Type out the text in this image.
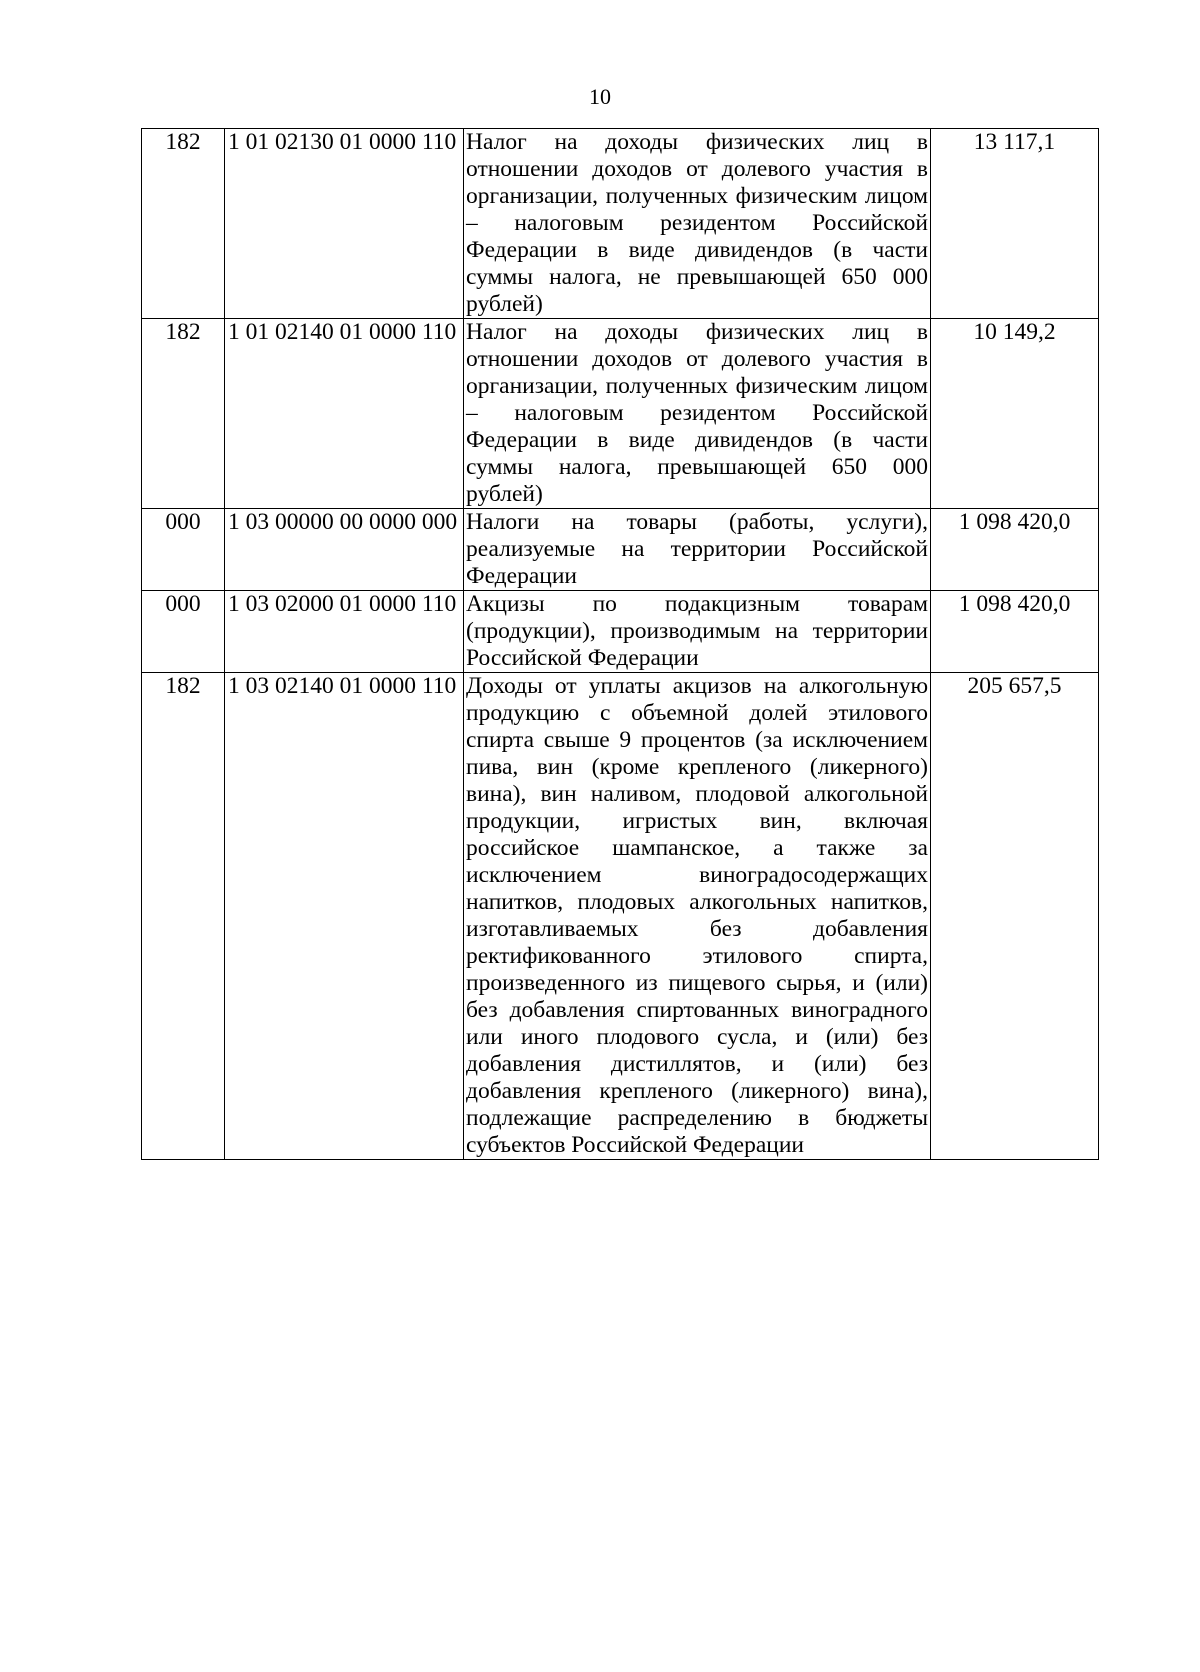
10
182	1 01 02130 01 0000 110	Налог на доходы физических лиц в отношении доходов от долевого участия в организации, полученных физическим лицом – налоговым резидентом Российской Федерации в виде дивидендов (в части суммы налога, не превышающей 650 000 рублей)	13 117,1
182	1 01 02140 01 0000 110	Налог на доходы физических лиц в отношении доходов от долевого участия в организации, полученных физическим лицом – налоговым резидентом Российской Федерации в виде дивидендов (в части суммы налога, превышающей 650 000 рублей)	10 149,2
000	1 03 00000 00 0000 000	Налоги на товары (работы, услуги), реализуемые на территории Российской Федерации	1 098 420,0
000	1 03 02000 01 0000 110	Акцизы по подакцизным товарам (продукции), производимым на территории Российской Федерации	1 098 420,0
182	1 03 02140 01 0000 110	Доходы от уплаты акцизов на алкогольную продукцию с объемной долей этилового спирта свыше 9 процентов (за исключением пива, вин (кроме крепленого (ликерного) вина), вин наливом, плодовой алкогольной продукции, игристых вин, включая российское шампанское, а также за исключением виноградосодержащих напитков, плодовых алкогольных напитков, изготавливаемых без добавления ректификованного этилового спирта, произведенного из пищевого сырья, и (или) без добавления спиртованных виноградного или иного плодового сусла, и (или) без добавления дистиллятов, и (или) без добавления крепленого (ликерного) вина), подлежащие распределению в бюджеты субъектов Российской Федерации	205 657,5
